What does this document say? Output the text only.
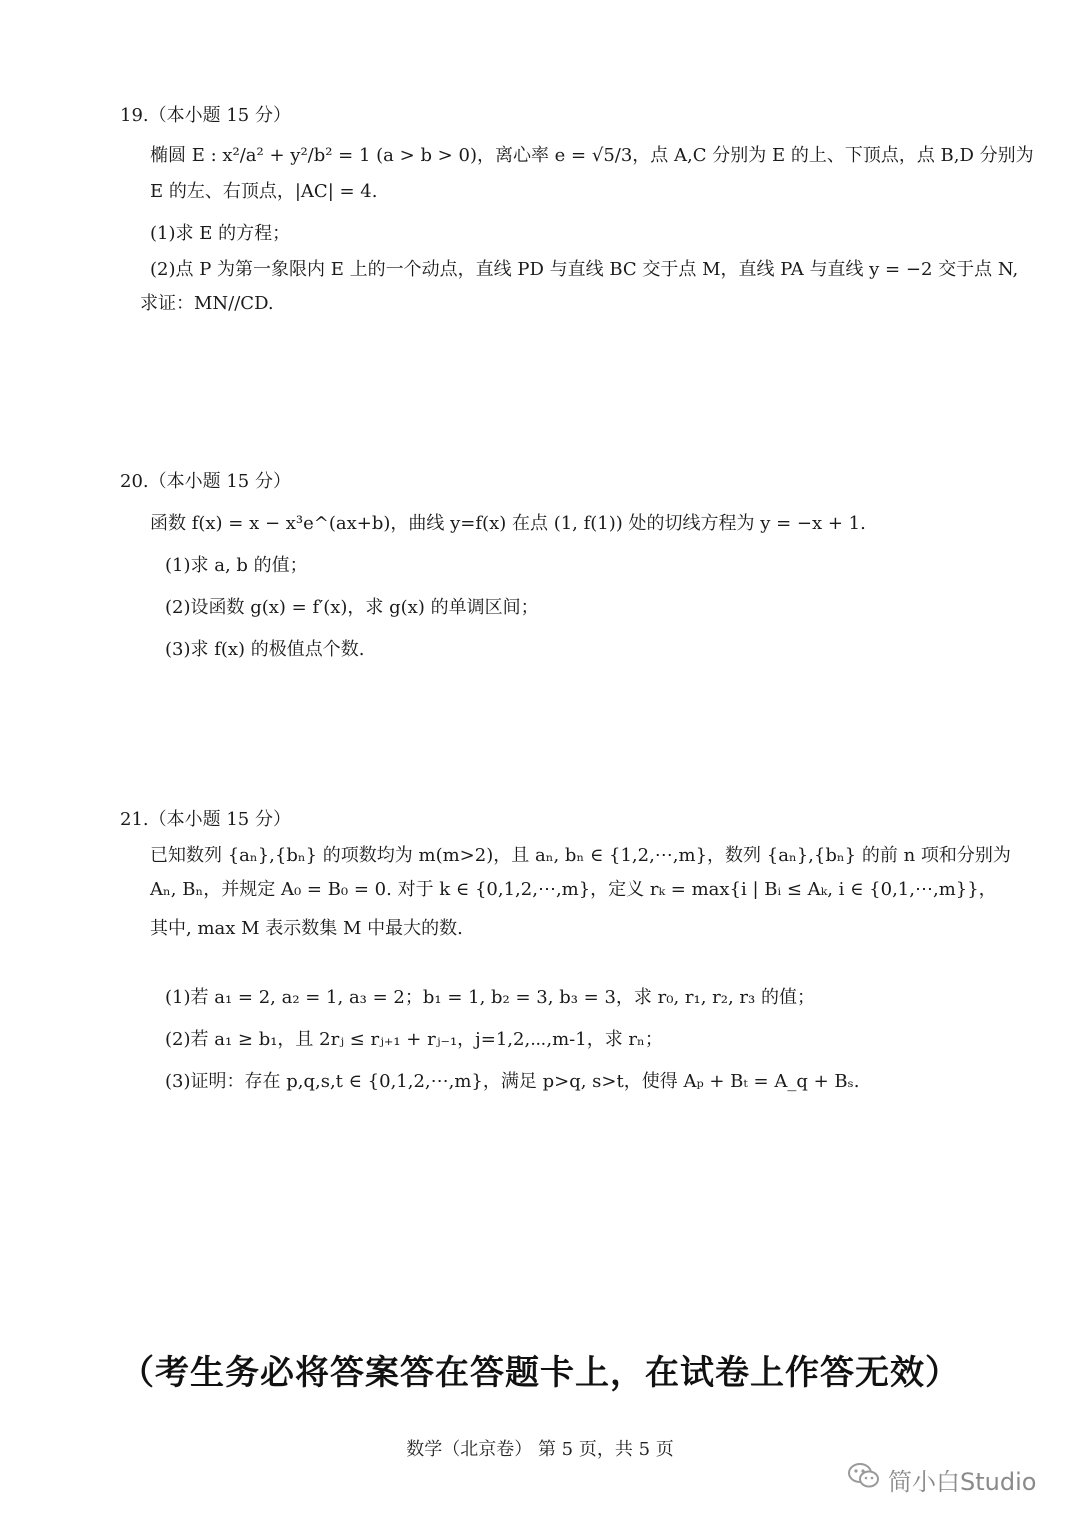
19.（本小题 15 分）
椭圆 E : x²/a² + y²/b² = 1 (a > b > 0)，离心率 e = √5/3，点 A,C 分别为 E 的上、下顶点，点 B,D 分别为
E 的左、右顶点，|AC| = 4.
(1)求 E 的方程；
(2)点 P 为第一象限内 E 上的一个动点，直线 PD 与直线 BC 交于点 M，直线 PA 与直线 y = −2 交于点 N,
求证：MN//CD.
20.（本小题 15 分）
函数 f(x) = x − x³e^(ax+b)，曲线 y=f(x) 在点 (1, f(1)) 处的切线方程为 y = −x + 1.
(1)求 a, b 的值；
(2)设函数 g(x) = f′(x)，求 g(x) 的单调区间；
(3)求 f(x) 的极值点个数.
21.（本小题 15 分）
已知数列 {aₙ},{bₙ} 的项数均为 m(m>2)，且 aₙ, bₙ ∈ {1,2,⋯,m}，数列 {aₙ},{bₙ} 的前 n 项和分别为
Aₙ, Bₙ，并规定 A₀ = B₀ = 0. 对于 k ∈ {0,1,2,⋯,m}，定义 rₖ = max{i | Bᵢ ≤ Aₖ, i ∈ {0,1,⋯,m}}，
其中, max M 表示数集 M 中最大的数.
(1)若 a₁ = 2, a₂ = 1, a₃ = 2；b₁ = 1, b₂ = 3, b₃ = 3，求 r₀, r₁, r₂, r₃ 的值；
(2)若 a₁ ≥ b₁，且 2rⱼ ≤ rⱼ₊₁ + rⱼ₋₁，j=1,2,⋯,m-1，求 rₙ；
(3)证明：存在 p,q,s,t ∈ {0,1,2,⋯,m}，满足 p>q, s>t，使得 Aₚ + Bₜ = A_q + Bₛ.
（考生务必将答案答在答题卡上，在试卷上作答无效）
数学（北京卷） 第 5 页，共 5 页
简小白Studio
